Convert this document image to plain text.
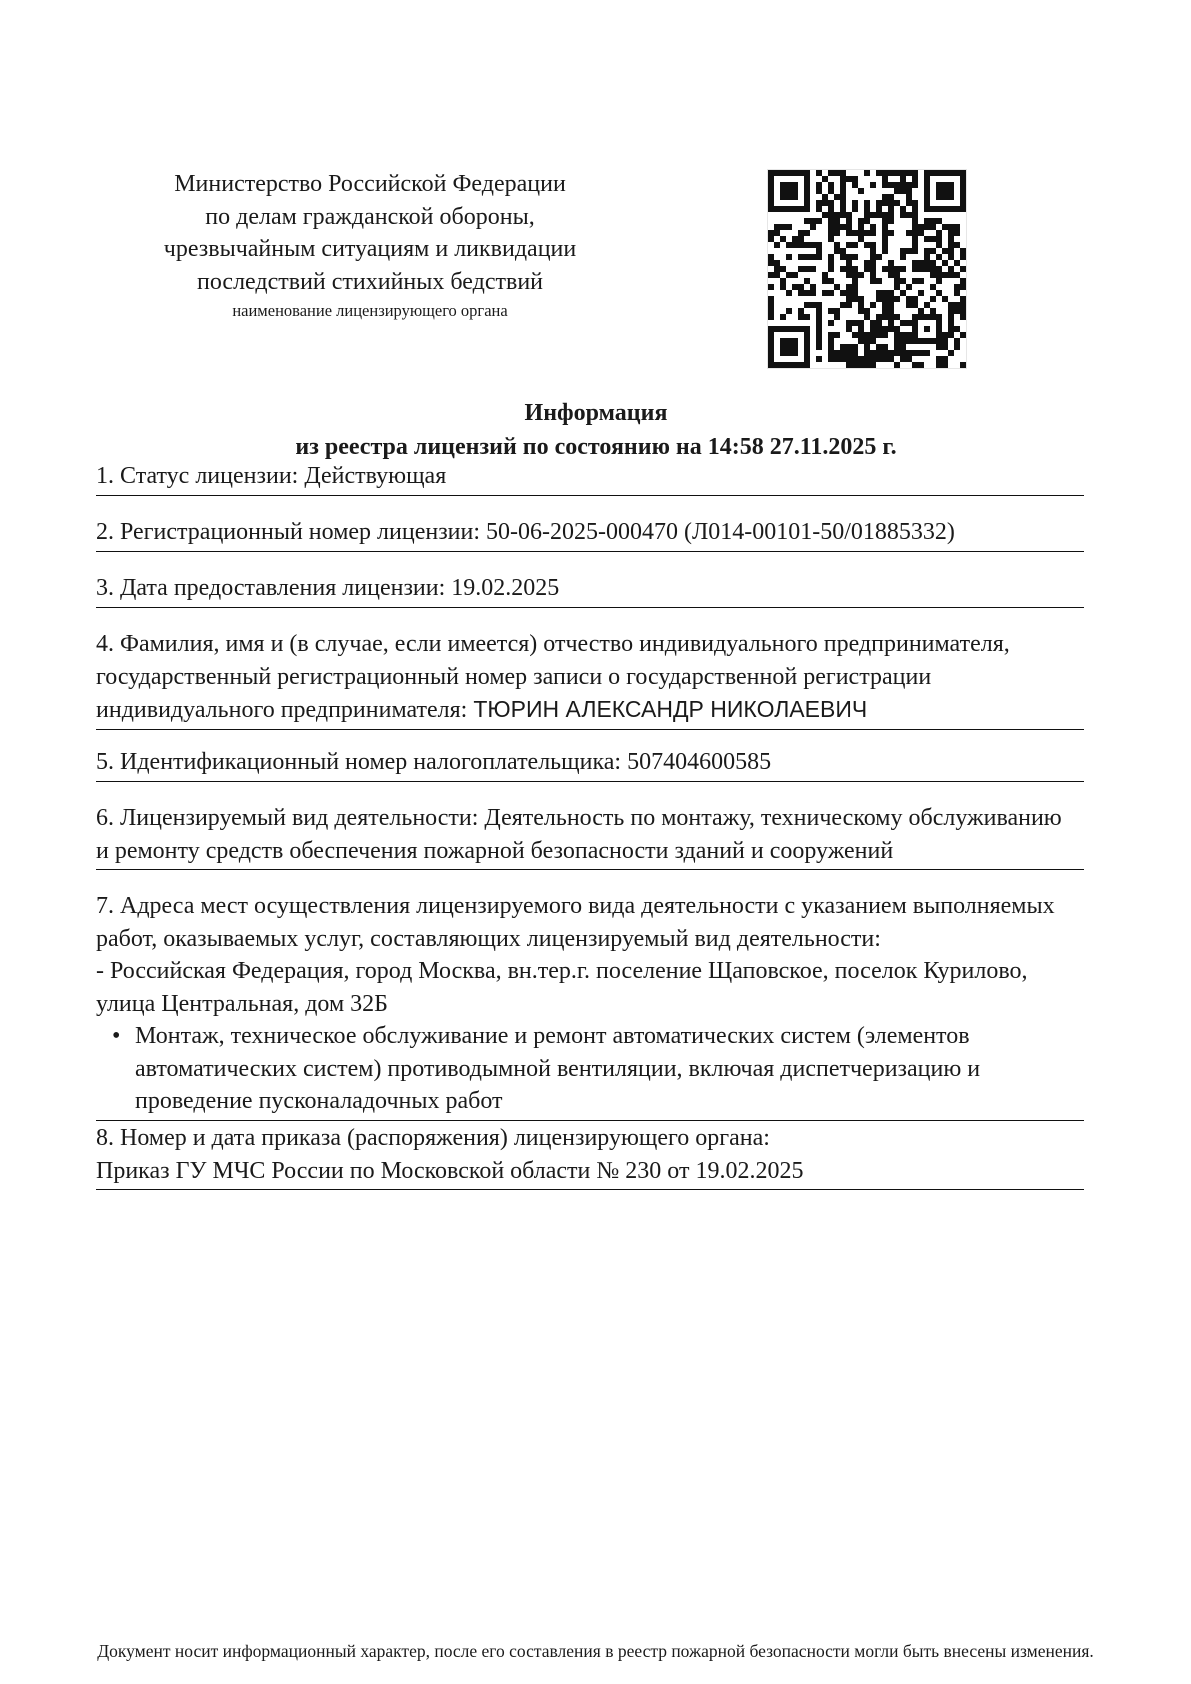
Министерство Российской Федерации
по делам гражданской обороны,
чрезвычайным ситуациям и ликвидации
последствий стихийных бедствий
наименование лицензирующего органа
Информация
из реестра лицензий по состоянию на 14:58 27.11.2025 г.
1. Статус лицензии: Действующая
2. Регистрационный номер лицензии: 50-06-2025-000470 (Л014-00101-50/01885332)
3. Дата предоставления лицензии: 19.02.2025
4. Фамилия, имя и (в случае, если имеется) отчество индивидуального предпринимателя,
государственный регистрационный номер записи о государственной регистрации
индивидуального предпринимателя: ТЮРИН АЛЕКСАНДР НИКОЛАЕВИЧ
5. Идентификационный номер налогоплательщика: 507404600585
6. Лицензируемый вид деятельности: Деятельность по монтажу, техническому обслуживанию
и ремонту средств обеспечения пожарной безопасности зданий и сооружений
7. Адреса мест осуществления лицензируемого вида деятельности с указанием выполняемых
работ, оказываемых услуг, составляющих лицензируемый вид деятельности:
- Российская Федерация, город Москва, вн.тер.г. поселение Щаповское, поселок Курилово,
улица Центральная, дом 32Б
• Монтаж, техническое обслуживание и ремонт автоматических систем (элементов
автоматических систем) противодымной вентиляции, включая диспетчеризацию и
проведение пусконаладочных работ
8. Номер и дата приказа (распоряжения) лицензирующего органа:
Приказ ГУ МЧС России по Московской области № 230 от 19.02.2025
Документ носит информационный характер, после его составления в реестр пожарной безопасности могли быть внесены изменения.
